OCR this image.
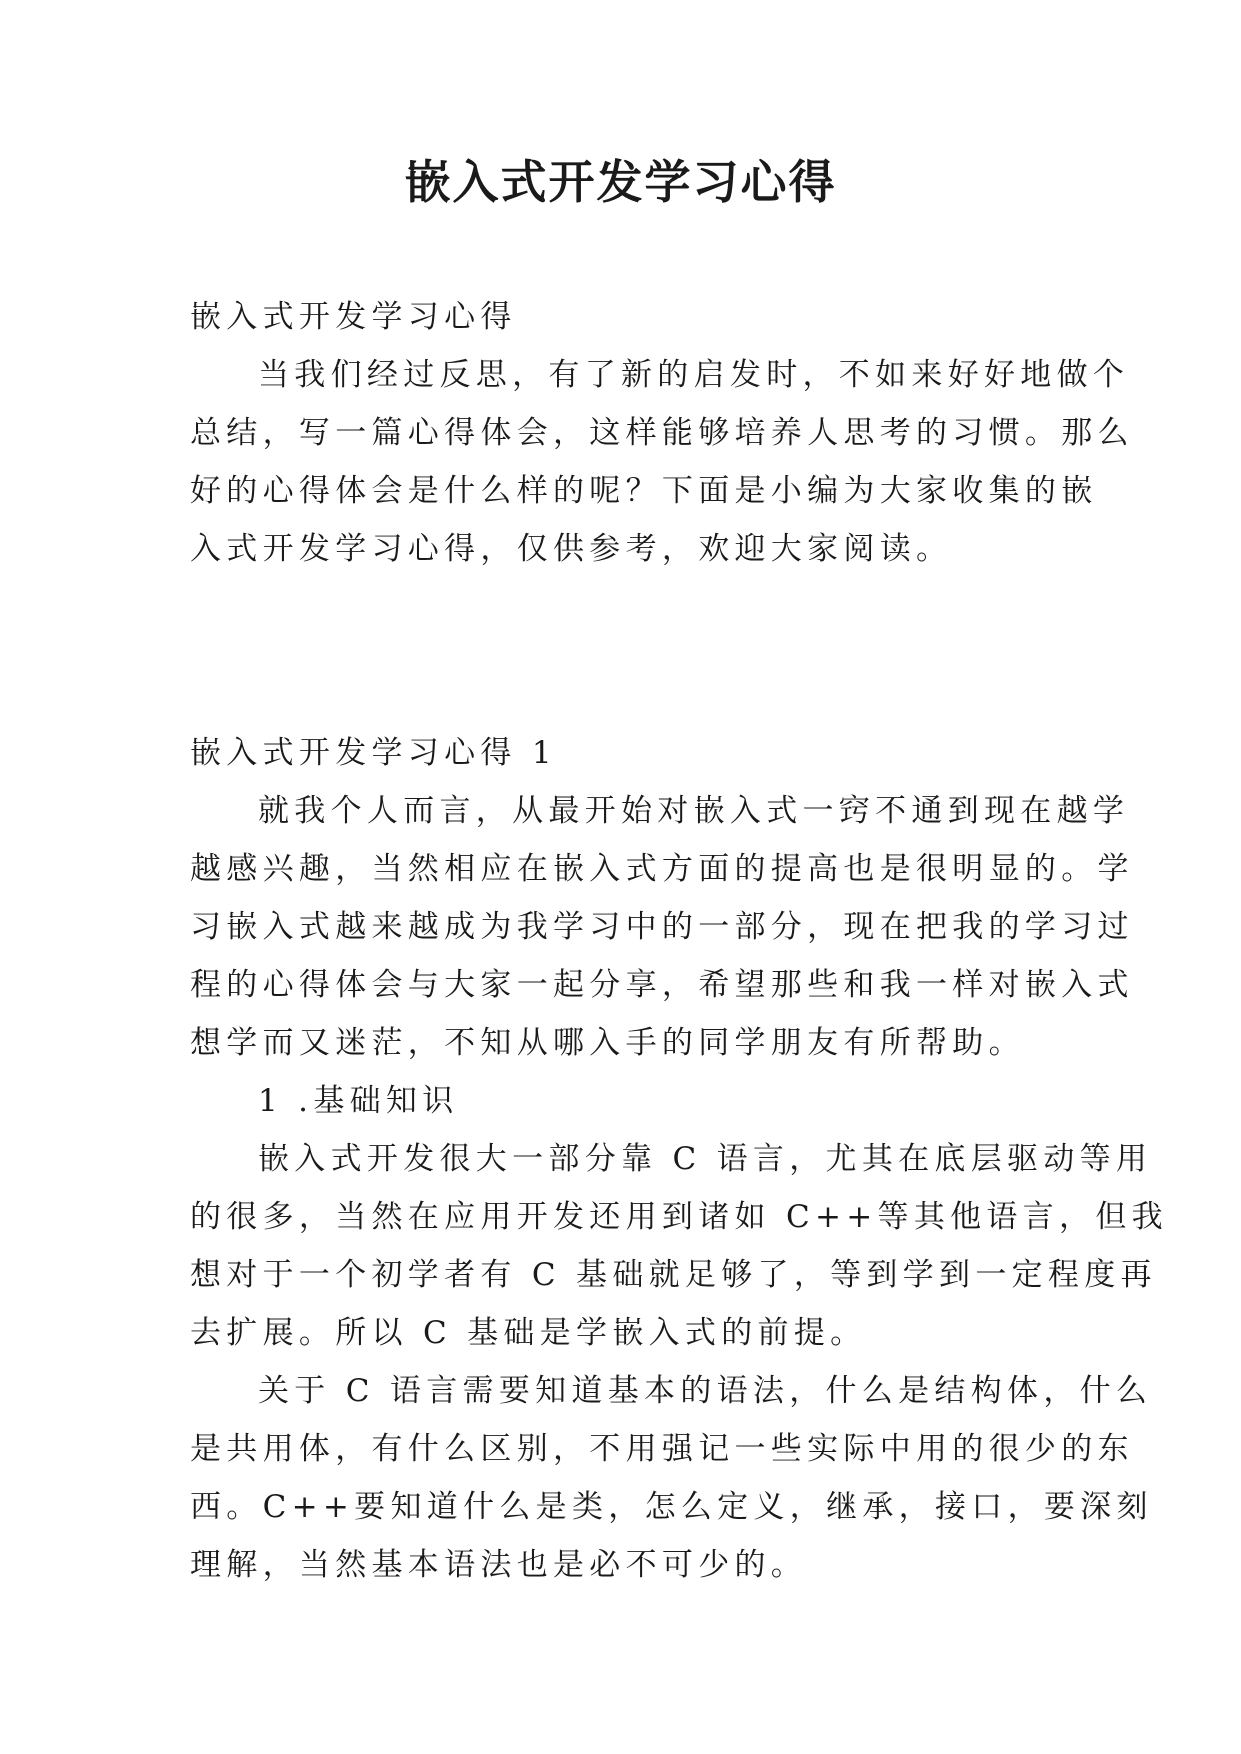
嵌入式开发学习心得

嵌入式开发学习心得

当我们经过反思，有了新的启发时，不如来好好地做个

总结，写一篇心得体会，这样能够培养人思考的习惯。那么

好的心得体会是什么样的呢？下面是小编为大家收集的嵌

入式开发学习心得，仅供参考，欢迎大家阅读。

嵌入式开发学习心得 1

就我个人而言，从最开始对嵌入式一窍不通到现在越学

越感兴趣，当然相应在嵌入式方面的提高也是很明显的。学

习嵌入式越来越成为我学习中的一部分，现在把我的学习过

程的心得体会与大家一起分享，希望那些和我一样对嵌入式

想学而又迷茫，不知从哪入手的同学朋友有所帮助。

1 .基础知识

嵌入式开发很大一部分靠 C 语言，尤其在底层驱动等用

的很多，当然在应用开发还用到诸如 C++等其他语言，但我

想对于一个初学者有 C 基础就足够了，等到学到一定程度再

去扩展。所以 C 基础是学嵌入式的前提。

关于 C 语言需要知道基本的语法，什么是结构体，什么

是共用体，有什么区别，不用强记一些实际中用的很少的东

西。C++要知道什么是类，怎么定义，继承，接口，要深刻

理解，当然基本语法也是必不可少的。
